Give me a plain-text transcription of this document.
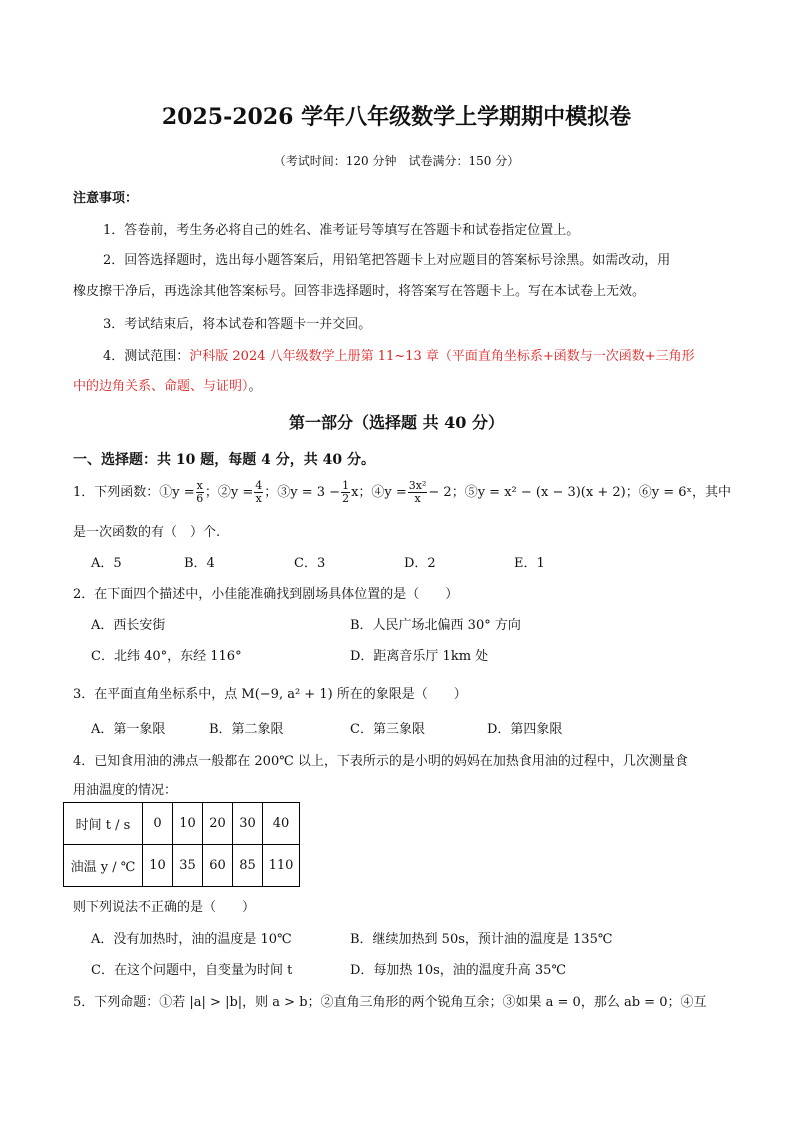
2025-2026 学年八年级数学上学期期中模拟卷
（考试时间：120 分钟　试卷满分：150 分）
注意事项：
1．答卷前，考生务必将自己的姓名、准考证号等填写在答题卡和试卷指定位置上。
2．回答选择题时，选出每小题答案后，用铅笔把答题卡上对应题目的答案标号涂黑。如需改动，用
橡皮擦干净后，再选涂其他答案标号。回答非选择题时，将答案写在答题卡上。写在本试卷上无效。
3．考试结束后，将本试卷和答题卡一并交回。
4．测试范围：沪科版 2024 八年级数学上册第 11~13 章（平面直角坐标系+函数与一次函数+三角形
中的边角关系、命题、与证明）。
第一部分（选择题 共 40 分）
一、选择题：共 10 题，每题 4 分，共 40 分。
1．下列函数：①y = $\frac{x}{6}$ ；②y = $\frac{4}{x}$ ；③y = $3 - \frac{1}{2}$ x；④y = $\frac{\text{3x²}}{x} - 2$；⑤y = x² − (x − 3)(x + 2)；⑥y = 6ˣ，其中
是一次函数的有（　）个.
A．5	B．4	C．3	D．2	E．1
2．在下面四个描述中，小佳能准确找到剧场具体位置的是（　　）
A．西长安街	B．人民广场北偏西 30° 方向
C．北纬 40°，东经 116°	D．距离音乐厅 1km 处
3．在平面直角坐标系中，点 M(−9, a² + 1) 所在的象限是（　　）
A．第一象限	B．第二象限	C．第三象限	D．第四象限
4．已知食用油的沸点一般都在 200℃ 以上，下表所示的是小明的妈妈在加热食用油的过程中，几次测量食
用油温度的情况：
时间 t / s	0	10	20	30	40
油温 y / ℃	10	35	60	85	110
则下列说法不正确的是（　　）
A．没有加热时，油的温度是 10℃	B．继续加热到 50s，预计油的温度是 135℃
C．在这个问题中，自变量为时间 t	D．每加热 10s，油的温度升高 35℃
5．下列命题：①若 |a| > |b|，则 a > b；②直角三角形的两个锐角互余；③如果 a = 0，那么 ab = 0；④互
